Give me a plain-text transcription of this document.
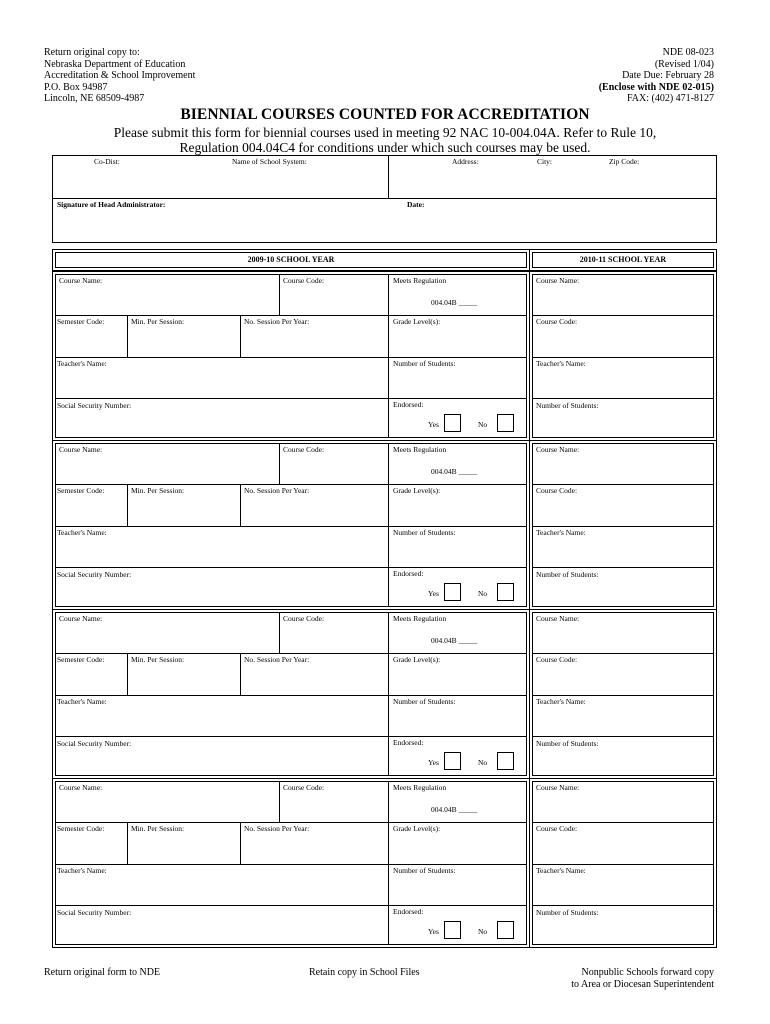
Return original copy to:
Nebraska Department of Education
Accreditation & School Improvement
P.O. Box 94987
Lincoln, NE 68509-4987
NDE 08-023
(Revised 1/04)
Date Due: February 28
(Enclose with NDE 02-015)
FAX: (402) 471-8127
BIENNIAL COURSES COUNTED FOR ACCREDITATION
Please submit this form for biennial courses used in meeting 92 NAC 10-004.04A. Refer to Rule 10,
Regulation 004.04C4 for conditions under which such courses may be used.
Co-Dist:	Name of School System:	Address:	City:	Zip Code:
Signature of Head Administrator:	Date:
2009-10 SCHOOL YEAR	2010-11 SCHOOL YEAR
Course Name:	Course Code:	Meets Regulation
004.04B _____
Semester Code:	Min. Per Session:	No. Session Per Year:	Grade Level(s):
Teacher's Name:	Number of Students:
Social Security Number:	Endorsed:
Yes	No
Course Name:
Course Code:
Teacher's Name:
Number of Students:
Course Name:	Course Code:	Meets Regulation
004.04B _____
Semester Code:	Min. Per Session:	No. Session Per Year:	Grade Level(s):
Teacher's Name:	Number of Students:
Social Security Number:	Endorsed:
Yes	No
Course Name:
Course Code:
Teacher's Name:
Number of Students:
Course Name:	Course Code:	Meets Regulation
004.04B _____
Semester Code:	Min. Per Session:	No. Session Per Year:	Grade Level(s):
Teacher's Name:	Number of Students:
Social Security Number:	Endorsed:
Yes	No
Course Name:
Course Code:
Teacher's Name:
Number of Students:
Course Name:	Course Code:	Meets Regulation
004.04B _____
Semester Code:	Min. Per Session:	No. Session Per Year:	Grade Level(s):
Teacher's Name:	Number of Students:
Social Security Number:	Endorsed:
Yes	No
Course Name:
Course Code:
Teacher's Name:
Number of Students:
Return original form to NDE	Retain copy in School Files	Nonpublic Schools forward copy
to Area or Diocesan Superintendent
